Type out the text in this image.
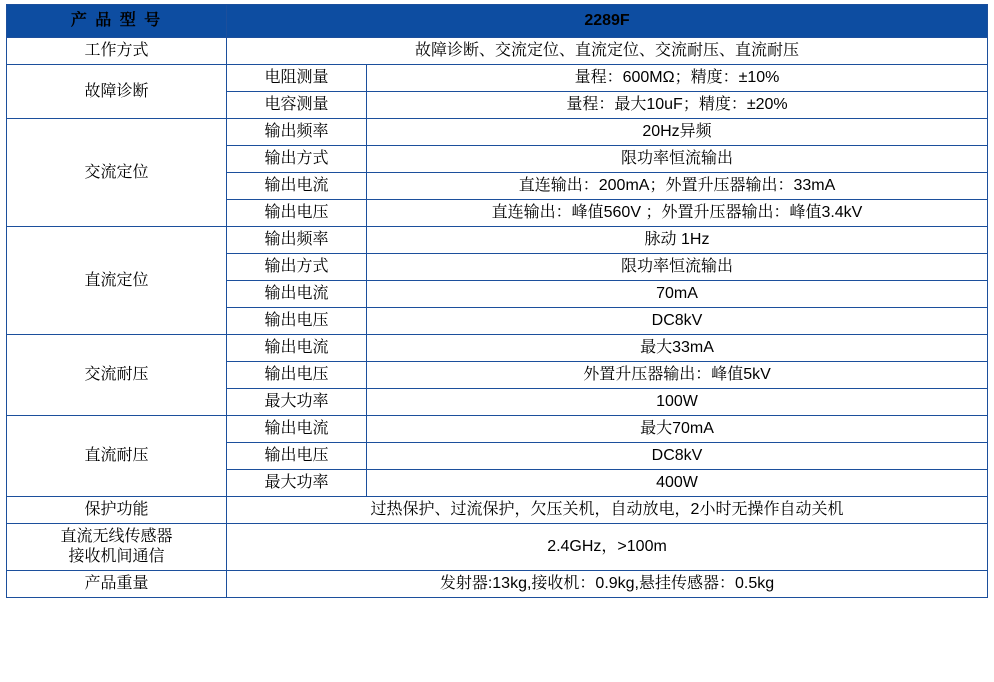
产 品 型 号	2289F	
工作方式	故障诊断、交流定位、直流定位、交流耐压、直流耐压	
故障诊断	电阻测量	量程：600MΩ；精度：±10%
	电容测量	量程：最大10uF；精度：±20%
交流定位	输出频率	20Hz异频
	输出方式	限功率恒流输出
	输出电流	直连输出：200mA；外置升压器输出：33mA
	输出电压	直连输出：峰值560V ；外置升压器输出：峰值3.4kV
直流定位	输出频率	脉动 1Hz
	输出方式	限功率恒流输出
	输出电流	70mA
	输出电压	DC8kV
交流耐压	输出电流	最大33mA
	输出电压	外置升压器输出：峰值5kV
	最大功率	100W
直流耐压	输出电流	最大70mA
	输出电压	DC8kV
	最大功率	400W
保护功能	过热保护、过流保护，欠压关机，自动放电，2小时无操作自动关机	
直流无线传感器
接收机间通信	2.4GHz，>100m	
产品重量	发射器:13kg,接收机：0.9kg,悬挂传感器：0.5kg	
